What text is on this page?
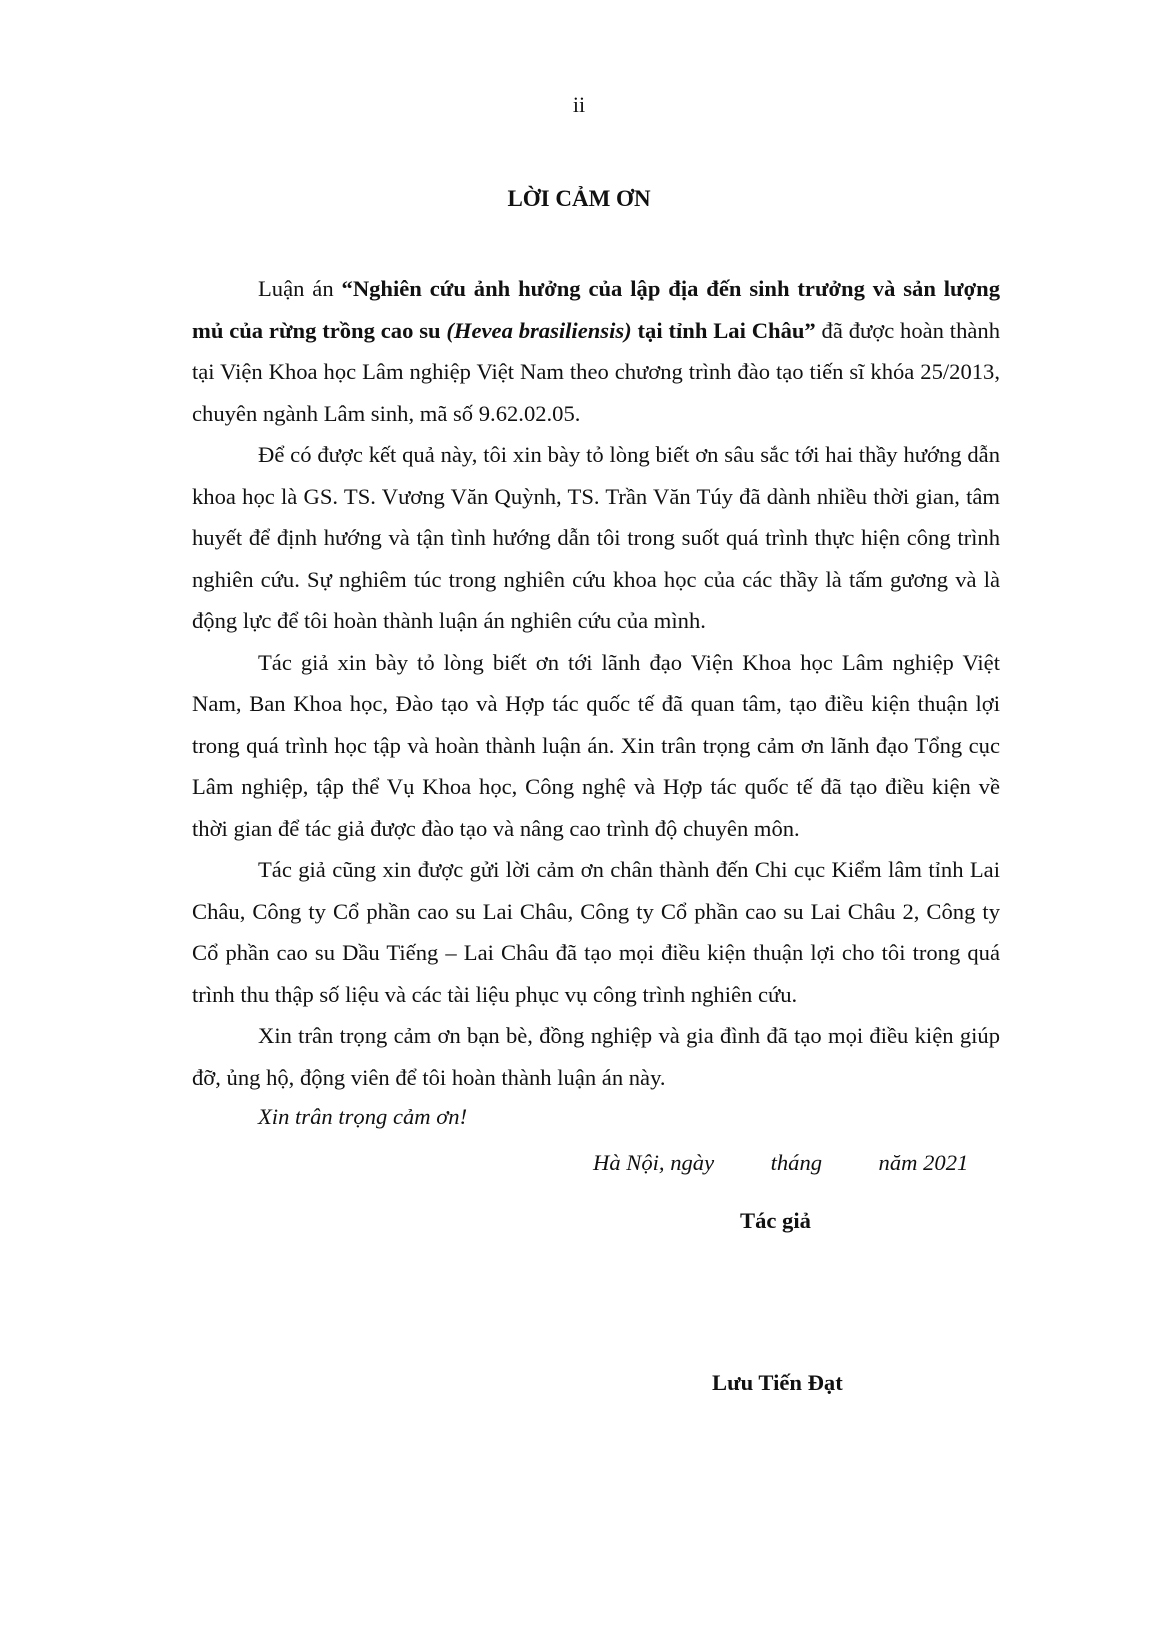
ii
LỜI CẢM ƠN

Luận án “Nghiên cứu ảnh hưởng của lập địa đến sinh trưởng và sản lượng mủ của rừng trồng cao su (Hevea brasiliensis) tại tỉnh Lai Châu” đã được hoàn thành tại Viện Khoa học Lâm nghiệp Việt Nam theo chương trình đào tạo tiến sĩ khóa 25/2013, chuyên ngành Lâm sinh, mã số 9.62.02.05.

Để có được kết quả này, tôi xin bày tỏ lòng biết ơn sâu sắc tới hai thầy hướng dẫn khoa học là GS. TS. Vương Văn Quỳnh, TS. Trần Văn Túy đã dành nhiều thời gian, tâm huyết để định hướng và tận tình hướng dẫn tôi trong suốt quá trình thực hiện công trình nghiên cứu. Sự nghiêm túc trong nghiên cứu khoa học của các thầy là tấm gương và là động lực để tôi hoàn thành luận án nghiên cứu của mình.

Tác giả xin bày tỏ lòng biết ơn tới lãnh đạo Viện Khoa học Lâm nghiệp Việt Nam, Ban Khoa học, Đào tạo và Hợp tác quốc tế đã quan tâm, tạo điều kiện thuận lợi trong quá trình học tập và hoàn thành luận án. Xin trân trọng cảm ơn lãnh đạo Tổng cục Lâm nghiệp, tập thể Vụ Khoa học, Công nghệ và Hợp tác quốc tế đã tạo điều kiện về thời gian để tác giả được đào tạo và nâng cao trình độ chuyên môn.

Tác giả cũng xin được gửi lời cảm ơn chân thành đến Chi cục Kiểm lâm tỉnh Lai Châu, Công ty Cổ phần cao su Lai Châu, Công ty Cổ phần cao su Lai Châu 2, Công ty Cổ phần cao su Dầu Tiếng – Lai Châu đã tạo mọi điều kiện thuận lợi cho tôi trong quá trình thu thập số liệu và các tài liệu phục vụ công trình nghiên cứu.

Xin trân trọng cảm ơn bạn bè, đồng nghiệp và gia đình đã tạo mọi điều kiện giúp đỡ, ủng hộ, động viên để tôi hoàn thành luận án này.

Xin trân trọng cảm ơn!
Hà Nội, ngày          tháng          năm 2021
Tác giả
Lưu Tiến Đạt
